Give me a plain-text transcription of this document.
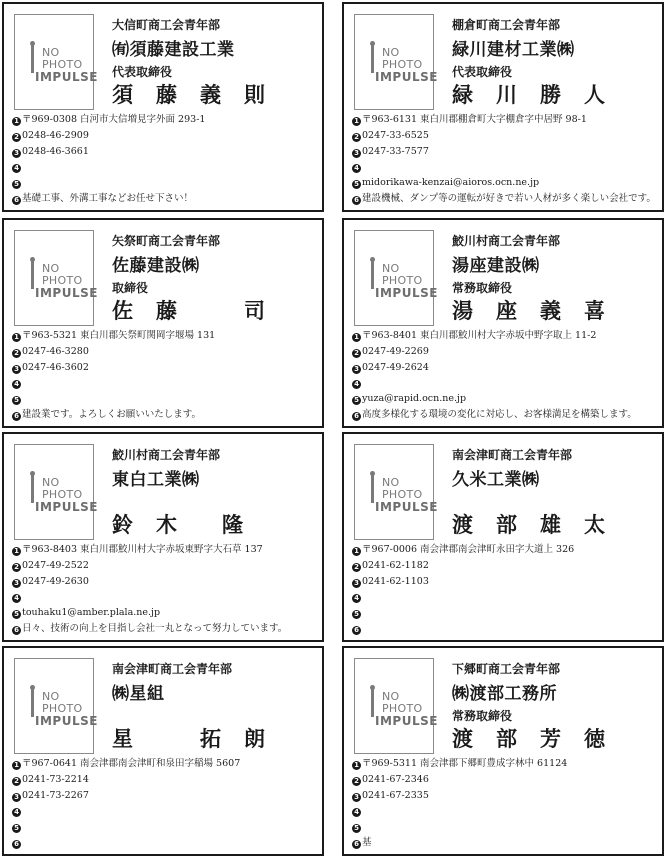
NO
PHOTO
IMPULSE
大信町商工会青年部
㈲須藤建設工業
代表取締役
須　藤　義　則
1 〒969-0308 白河市大信増見字外面 293-1
2 0248-46-2909
3 0248-46-3661
4
5
6 基礎工事、外溝工事などお任せ下さい！
NO
PHOTO
IMPULSE
棚倉町商工会青年部
緑川建材工業㈱
代表取締役
緑　川　勝　人
1 〒963-6131 東白川郡棚倉町大字棚倉字中居野 98-1
2 0247-33-6525
3 0247-33-7577
4
5 midorikawa-kenzai@aioros.ocn.ne.jp
6 建設機械、ダンプ等の運転が好きで若い人材が多く楽しい会社です。
NO
PHOTO
IMPULSE
矢祭町商工会青年部
佐藤建設㈱
取締役
佐　藤　　　司
1 〒963-5321 東白川郡矢祭町関岡字堰場 131
2 0247-46-3280
3 0247-46-3602
4
5
6 建設業です。よろしくお願いいたします。
NO
PHOTO
IMPULSE
鮫川村商工会青年部
湯座建設㈱
常務取締役
湯　座　義　喜
1 〒963-8401 東白川郡鮫川村大字赤坂中野字取上 11-2
2 0247-49-2269
3 0247-49-2624
4
5 yuza@rapid.ocn.ne.jp
6 高度多様化する環境の変化に対応し、お客様満足を構築します。
NO
PHOTO
IMPULSE
鮫川村商工会青年部
東白工業㈱
鈴　木　　隆
1 〒963-8403 東白川郡鮫川村大字赤坂東野字大石草 137
2 0247-49-2522
3 0247-49-2630
4
5 touhaku1@amber.plala.ne.jp
6 日々、技術の向上を目指し会社一丸となって努力しています。
NO
PHOTO
IMPULSE
南会津町商工会青年部
久米工業㈱
渡　部　雄　太
1 〒967-0006 南会津郡南会津町永田字大道上 326
2 0241-62-1182
3 0241-62-1103
4
5
6
NO
PHOTO
IMPULSE
南会津町商工会青年部
㈱星組
星　　　拓　朗
1 〒967-0641 南会津郡南会津町和泉田字稲場 5607
2 0241-73-2214
3 0241-73-2267
4
5
6
NO
PHOTO
IMPULSE
下郷町商工会青年部
㈱渡部工務所
常務取締役
渡　部　芳　徳
1 〒969-5311 南会津郡下郷町豊成字林中 61124
2 0241-67-2346
3 0241-67-2335
4
5
6 基
